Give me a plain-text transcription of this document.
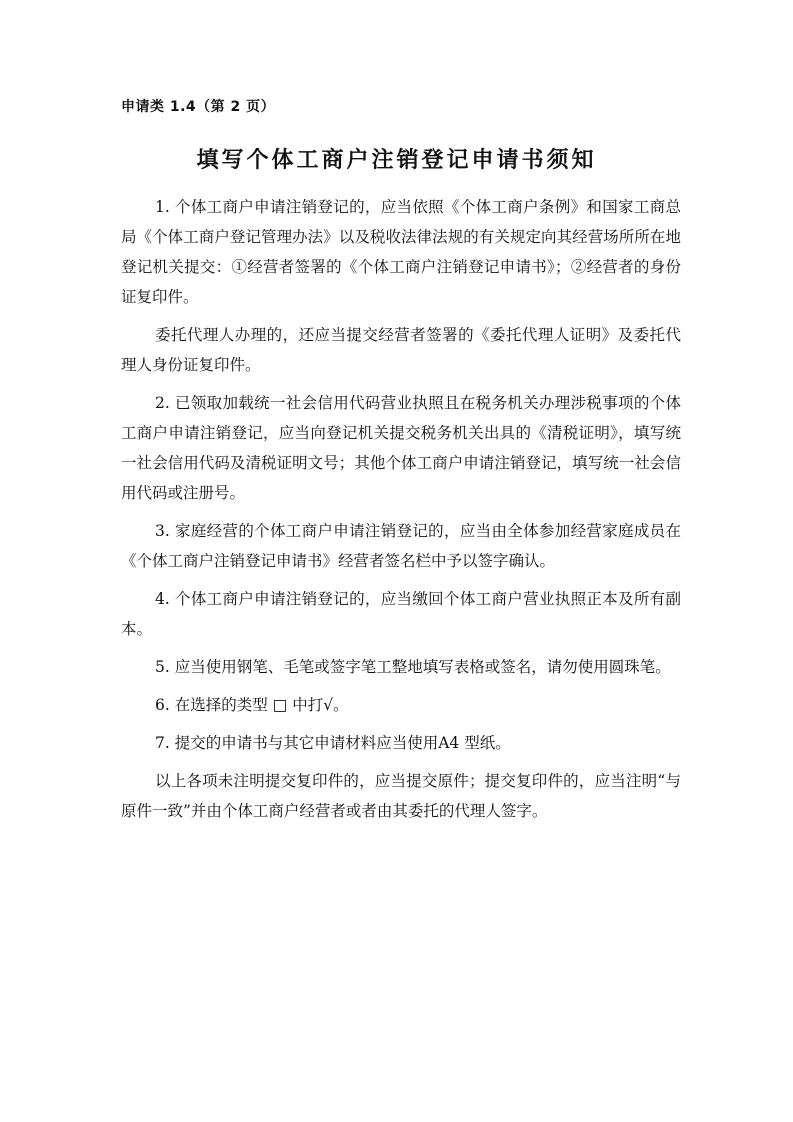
申请类 1.4（第 2 页）
填写个体工商户注销登记申请书须知

1. 个体工商户申请注销登记的，应当依照《个体工商户条例》和国家工商总局《个体工商户登记管理办法》以及税收法律法规的有关规定向其经营场所所在地登记机关提交：①经营者签署的《个体工商户注销登记申请书》；②经营者的身份证复印件。

委托代理人办理的，还应当提交经营者签署的《委托代理人证明》及委托代理人身份证复印件。

2. 已领取加载统一社会信用代码营业执照且在税务机关办理涉税事项的个体工商户申请注销登记，应当向登记机关提交税务机关出具的《清税证明》，填写统一社会信用代码及清税证明文号；其他个体工商户申请注销登记，填写统一社会信用代码或注册号。

3. 家庭经营的个体工商户申请注销登记的，应当由全体参加经营家庭成员在《个体工商户注销登记申请书》经营者签名栏中予以签字确认。

4. 个体工商户申请注销登记的，应当缴回个体工商户营业执照正本及所有副本。

5. 应当使用钢笔、毛笔或签字笔工整地填写表格或签名，请勿使用圆珠笔。

6. 在选择的类型 □ 中打√。

7. 提交的申请书与其它申请材料应当使用A4 型纸。

以上各项未注明提交复印件的，应当提交原件；提交复印件的，应当注明“与原件一致”并由个体工商户经营者或者由其委托的代理人签字。
